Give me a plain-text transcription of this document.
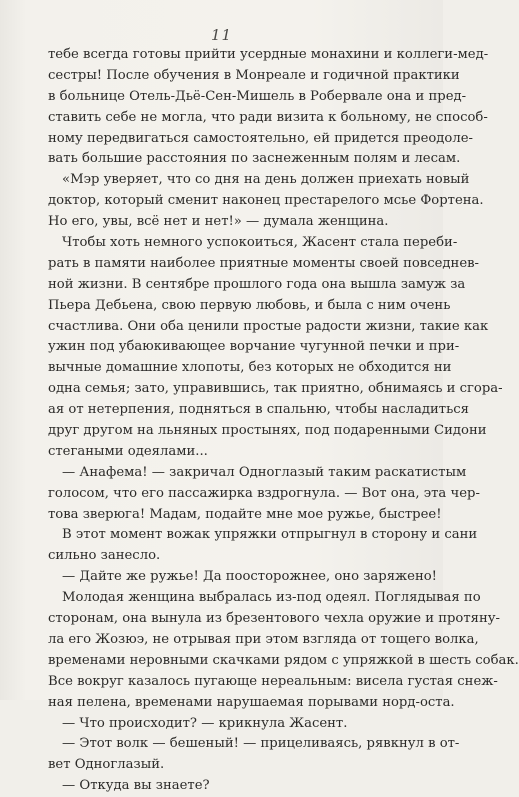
11
тебе всегда готовы прийти усердные монахини и коллеги-мед-
сестры! После обучения в Монреале и годичной практики
в больнице Отель-Дьё-Сен-Мишель в Робервале она и пред-
ставить себе не могла, что ради визита к больному, не способ-
ному передвигаться самостоятельно, ей придется преодоле-
вать большие расстояния по заснеженным полям и лесам.
«Мэр уверяет, что со дня на день должен приехать новый
доктор, который сменит наконец престарелого мсье Фортена.
Но его, увы, всё нет и нет!» — думала женщина.
Чтобы хоть немного успокоиться, Жасент стала переби-
рать в памяти наиболее приятные моменты своей повседнев-
ной жизни. В сентябре прошлого года она вышла замуж за
Пьера Дебьена, свою первую любовь, и была с ним очень
счастлива. Они оба ценили простые радости жизни, такие как
ужин под убаюкивающее ворчание чугунной печки и при-
вычные домашние хлопоты, без которых не обходится ни
одна семья; зато, управившись, так приятно, обнимаясь и сгора-
ая от нетерпения, подняться в спальню, чтобы насладиться
друг другом на льняных простынях, под подаренными Сидони
стегаными одеялами...
— Анафема! — закричал Одноглазый таким раскатистым
голосом, что его пассажирка вздрогнула. — Вот она, эта чер-
това зверюга! Мадам, подайте мне мое ружье, быстрее!
В этот момент вожак упряжки отпрыгнул в сторону и сани
сильно занесло.
— Дайте же ружье! Да поосторожнее, оно заряжено!
Молодая женщина выбралась из-под одеял. Поглядывая по
сторонам, она вынула из брезентового чехла оружие и протяну-
ла его Жозюэ, не отрывая при этом взгляда от тощего волка,
временами неровными скачками рядом с упряжкой в шесть собак.
Все вокруг казалось пугающе нереальным: висела густая снеж-
ная пелена, временами нарушаемая порывами норд-оста.
— Что происходит? — крикнула Жасент.
— Этот волк — бешеный! — прицеливаясь, рявкнул в от-
вет Одноглазый.
— Откуда вы знаете?
